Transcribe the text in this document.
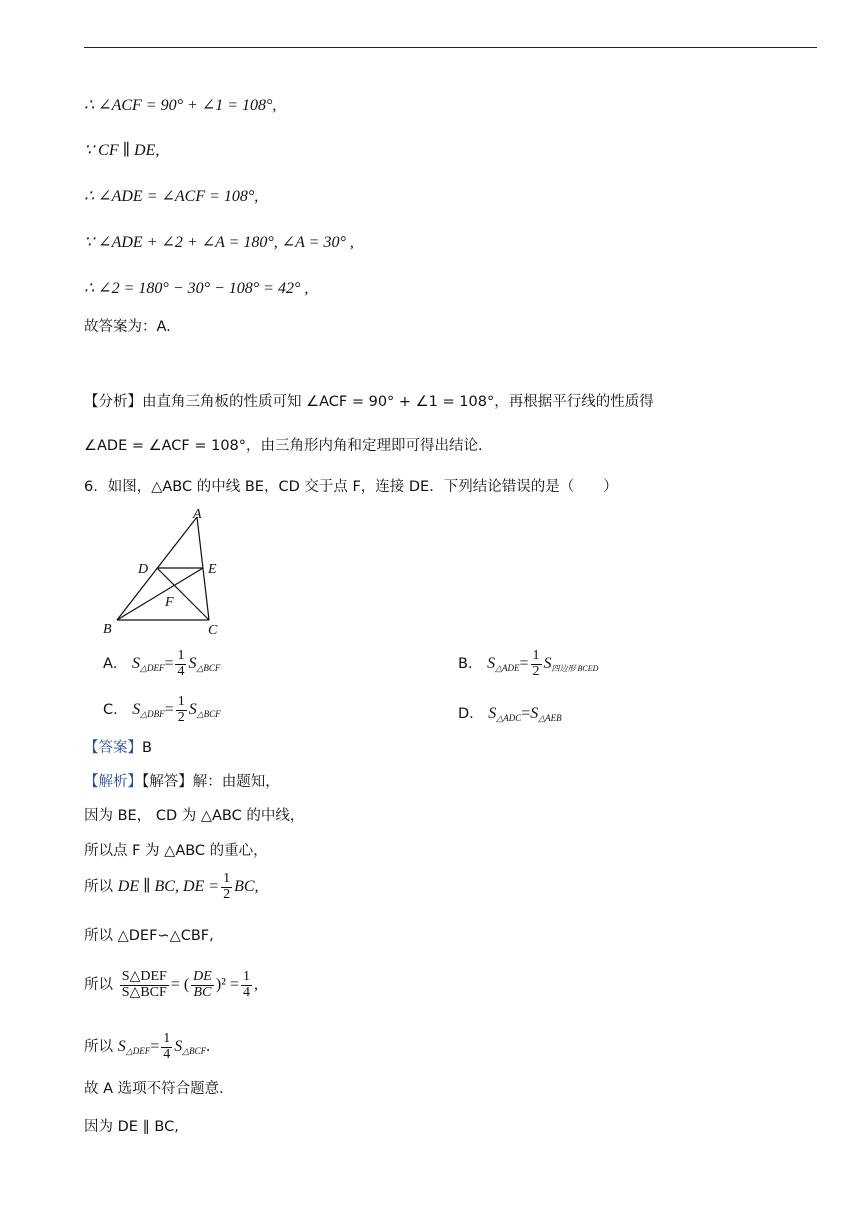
∴ ∠ACF = 90° + ∠1 = 108°,
∵ CF ∥ DE,
∴ ∠ADE = ∠ACF = 108°,
∵ ∠ADE + ∠2 + ∠A = 180°, ∠A = 30° ,
∴ ∠2 = 180° − 30° − 108° = 42° ,
故答案为：A.
【分析】由直角三角板的性质可知 ∠ACF = 90° + ∠1 = 108°，再根据平行线的性质得
∠ADE = ∠ACF = 108°，由三角形内角和定理即可得出结论.
6．如图，△ABC 的中线 BE，CD 交于点 F，连接 DE．下列结论错误的是（　　）
A
B	C
D	E
F
A． $S_{\triangle DEF}= \frac{1}{4} S_{\triangle BCF}$	B． $S_{\triangle ADE}= \frac{1}{2} S_{四边形 BCED}$
C． $S_{\triangle DBF}= \frac{1}{2} S_{\triangle BCF}$	D． $S_{\triangle ADC}=S_{\triangle AEB}$
【答案】B
【解析】【解答】解：由题知，
因为 BE， CD 为 △ABC 的中线，
所以点 F 为 △ABC 的重心，
所以 DE ∥ BC, DE = $\frac{1}{2}$ BC,
所以 △DEF∽△CBF,
所以 $\frac{\text{S△DEF}}{\text{S△BCF}}$ = ( $\frac{DE}{BC} )^2 = \frac{1}{4}$ ,
所以 $S_{\triangle DEF}= \frac{1}{4} S_{\triangle BCF}$.
故 A 选项不符合题意.
因为 DE ∥ BC,
